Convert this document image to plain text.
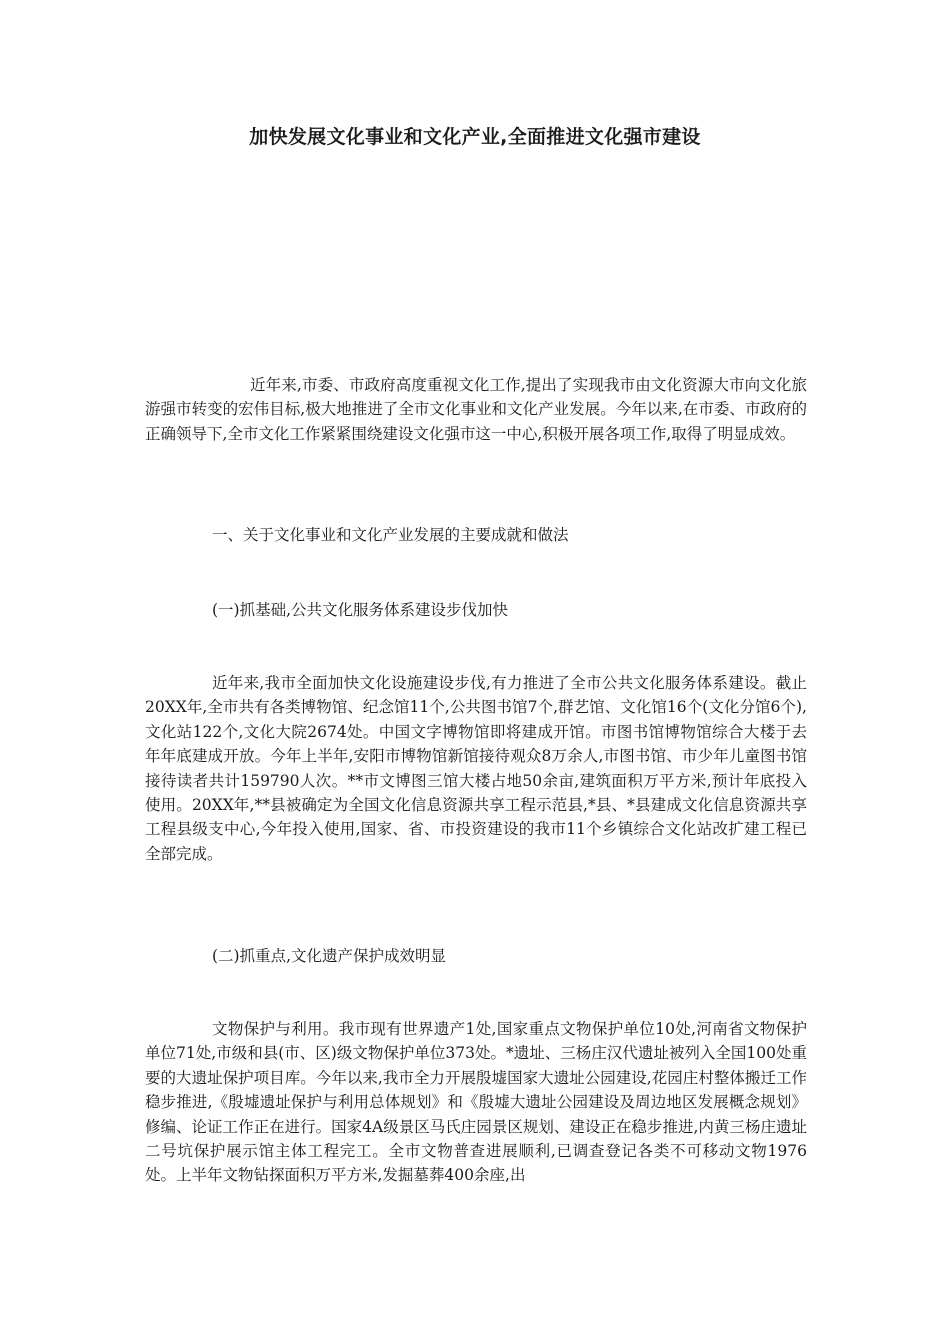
加快发展文化事业和文化产业,全面推进文化强市建设

近年来,市委、市政府高度重视文化工作,提出了实现我市由文化资源大市向文化旅游强市转变的宏伟目标,极大地推进了全市文化事业和文化产业发展。今年以来,在市委、市政府的正确领导下,全市文化工作紧紧围绕建设文化强市这一中心,积极开展各项工作,取得了明显成效。

一、关于文化事业和文化产业发展的主要成就和做法

(一)抓基础,公共文化服务体系建设步伐加快

近年来,我市全面加快文化设施建设步伐,有力推进了全市公共文化服务体系建设。截止20XX年,全市共有各类博物馆、纪念馆11个,公共图书馆7个,群艺馆、文化馆16个(文化分馆6个),文化站122个,文化大院2674处。中国文字博物馆即将建成开馆。市图书馆博物馆综合大楼于去年年底建成开放。今年上半年,安阳市博物馆新馆接待观众8万余人,市图书馆、市少年儿童图书馆接待读者共计159790人次。**市文博图三馆大楼占地50余亩,建筑面积万平方米,预计年底投入使用。20XX年,**县被确定为全国文化信息资源共享工程示范县,*县、*县建成文化信息资源共享工程县级支中心,今年投入使用,国家、省、市投资建设的我市11个乡镇综合文化站改扩建工程已全部完成。

(二)抓重点,文化遗产保护成效明显

文物保护与利用。我市现有世界遗产1处,国家重点文物保护单位10处,河南省文物保护单位71处,市级和县(市、区)级文物保护单位373处。*遗址、三杨庄汉代遗址被列入全国100处重要的大遗址保护项目库。今年以来,我市全力开展殷墟国家大遗址公园建设,花园庄村整体搬迁工作稳步推进,《殷墟遗址保护与利用总体规划》和《殷墟大遗址公园建设及周边地区发展概念规划》修编、论证工作正在进行。国家4A级景区马氏庄园景区规划、建设正在稳步推进,内黄三杨庄遗址二号坑保护展示馆主体工程完工。全市文物普查进展顺利,已调查登记各类不可移动文物1976处。上半年文物钻探面积万平方米,发掘墓葬400余座,出
